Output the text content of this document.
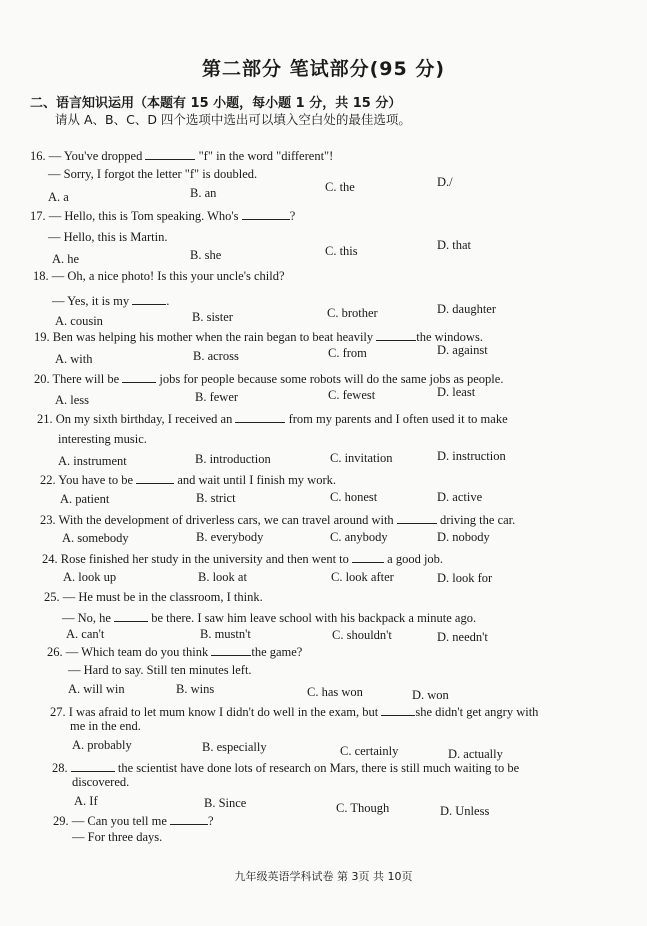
第二部分 笔试部分(95 分)
二、语言知识运用（本题有 15 小题，每小题 1 分，共 15 分）
请从 A、B、C、D 四个选项中选出可以填入空白处的最佳选项。
16. — You've dropped	"f" in the word "different"!
— Sorry, I forgot the letter "f" is doubled.
A. a	B. an	C. the	D./
17. — Hello, this is Tom speaking. Who's	?
— Hello, this is Martin.
A. he	B. she	C. this	D. that
18. — Oh, a nice photo! Is this your uncle's child?
— Yes, it is my	.
A. cousin	B. sister	C. brother	D. daughter
19. Ben was helping his mother when the rain began to beat heavily	the windows.
A. with	B. across	C. from	D. against
20. There will be	jobs for people because some robots will do the same jobs as people.
A. less	B. fewer	C. fewest	D. least
21. On my sixth birthday, I received an	from my parents and I often used it to make
interesting music.
A. instrument	B. introduction	C. invitation	D. instruction
22. You have to be	and wait until I finish my work.
A. patient	B. strict	C. honest	D. active
23. With the development of driverless cars, we can travel around with	driving the car.
A. somebody	B. everybody	C. anybody	D. nobody
24. Rose finished her study in the university and then went to	a good job.
A. look up	B. look at	C. look after	D. look for
25. — He must be in the classroom, I think.
— No, he	be there. I saw him leave school with his backpack a minute ago.
A. can't	B. mustn't	C. shouldn't	D. needn't
26. — Which team do you think	the game?
— Hard to say. Still ten minutes left.
A. will win	B. wins	C. has won	D. won
27. I was afraid to let mum know I didn't do well in the exam, but	she didn't get angry with
me in the end.
A. probably	B. especially	C. certainly	D. actually
28.	the scientist have done lots of research on Mars, there is still much waiting to be
discovered.
A. If	B. Since	C. Though	D. Unless
29. — Can you tell me	?
— For three days.
九年级英语学科试卷 第 3页 共 10页
